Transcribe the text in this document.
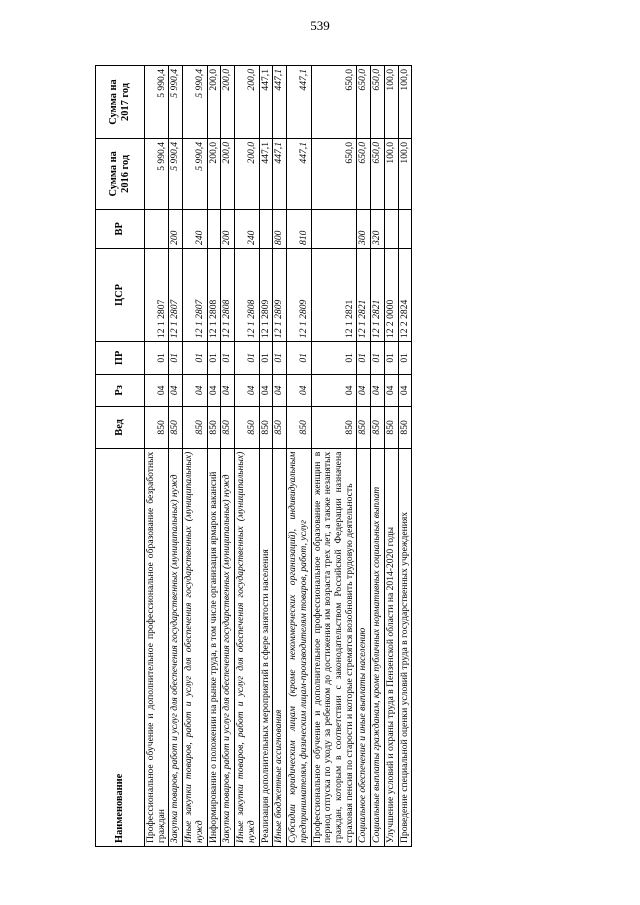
539
Наименование	Вед	Рз	ПР	ЦСР	ВР	Сумма на 2016 год	Сумма на 2017 год
Профессиональное обучение и дополнительное профессиональное образование безработных граждан	850	04	01	12 1 2807		5 990,4	5 990,4
Закупка товаров, работ и услуг для обеспечения государственных (муниципальных) нужд	850	04	01	12 1 2807	200	5 990,4	5 990,4
Иные закупки товаров, работ и услуг для обеспечения государственных (муниципальных) нужд	850	04	01	12 1 2807	240	5 990,4	5 990,4
Информирование о положении на рынке труда, в том числе организация ярмарок вакансий	850	04	01	12 1 2808		200,0	200,0
Закупка товаров, работ и услуг для обеспечения государственных (муниципальных) нужд	850	04	01	12 1 2808	200	200,0	200,0
Иные закупки товаров, работ и услуг для обеспечения государственных (муниципальных) нужд	850	04	01	12 1 2808	240	200,0	200,0
Реализация дополнительных мероприятий в сфере занятости населения	850	04	01	12 1 2809		447,1	447,1
Иные бюджетные ассигнования	850	04	01	12 1 2809	800	447,1	447,1
Субсидии юридическим лицам (кроме некоммерческих организаций), индивидуальным предпринимателям, физическим лицам-производителям товаров, работ, услуг	850	04	01	12 1 2809	810	447,1	447,1
Профессиональное обучение и дополнительное профессиональное образование женщин в период отпуска по уходу за ребенком до достижения им возраста трех лет, а также незанятых граждан, которым в соответствии с законодательством Российской Федерации назначена страховая пенсия по старости и которые стремятся возобновить трудовую деятельность	850	04	01	12 1 2821		650,0	650,0
Социальное обеспечение и иные выплаты населению	850	04	01	12 1 2821	300	650,0	650,0
Социальные выплаты гражданам, кроме публичных нормативных социальных выплат	850	04	01	12 1 2821	320	650,0	650,0
Улучшение условий и охраны труда в Пензенской области на 2014-2020 годы	850	04	01	12 2 0000		100,0	100,0
Проведение специальной оценки условий труда в государственных учреждениях	850	04	01	12 2 2824		100,0	100,0
